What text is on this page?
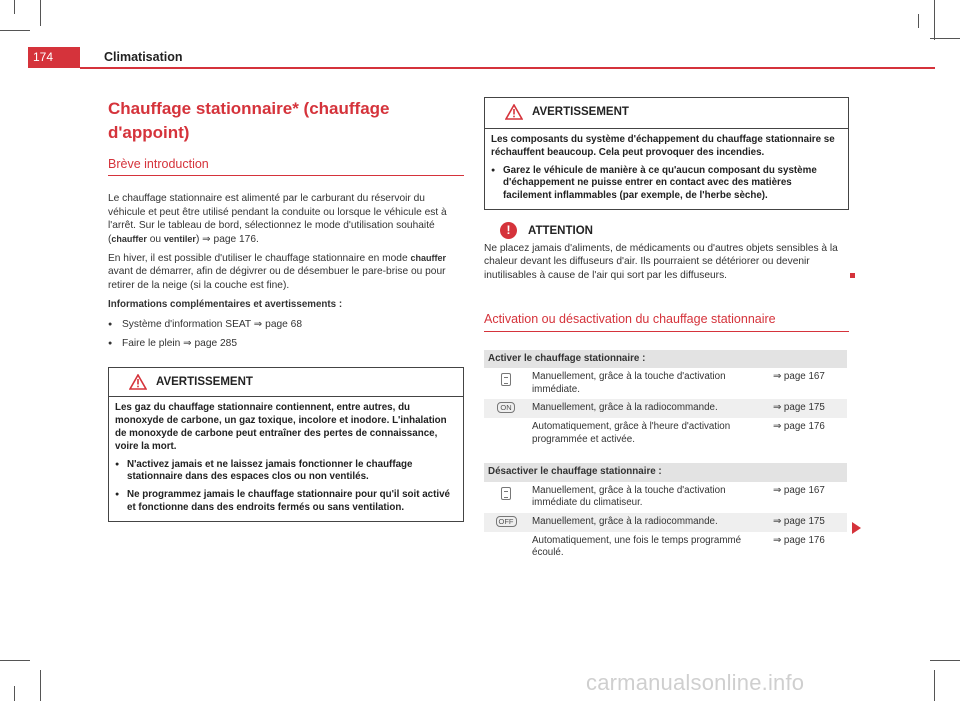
174	Climatisation
Chauffage stationnaire* (chauffage d'appoint)
Brève introduction

Le chauffage stationnaire est alimenté par le carburant du réservoir du véhicule et peut être utilisé pendant la conduite ou lorsque le véhicule est à l'arrêt. Sur le tableau de bord, sélectionnez le mode d'utilisation souhaité (chauffer ou ventiler) ⇒ page 176.

En hiver, il est possible d'utiliser le chauffage stationnaire en mode chauffer avant de démarrer, afin de dégivrer ou de désembuer le pare-brise ou pour retirer de la neige (si la couche est fine).

Informations complémentaires et avertissements :

● Système d'information SEAT ⇒ page 68
● Faire le plein ⇒ page 285
AVERTISSEMENT
Les gaz du chauffage stationnaire contiennent, entre autres, du monoxyde de carbone, un gaz toxique, incolore et inodore. L'inhalation de monoxyde de carbone peut entraîner des pertes de connaissance, voire la mort.
● N'activez jamais et ne laissez jamais fonctionner le chauffage stationnaire dans des espaces clos ou non ventilés.
● Ne programmez jamais le chauffage stationnaire pour qu'il soit activé et fonctionne dans des endroits fermés ou sans ventilation.
AVERTISSEMENT
Les composants du système d'échappement du chauffage stationnaire se réchauffent beaucoup. Cela peut provoquer des incendies.
● Garez le véhicule de manière à ce qu'aucun composant du système d'échappement ne puisse entrer en contact avec des matières facilement inflammables (par exemple, de l'herbe sèche).
!	ATTENTION

Ne placez jamais d'aliments, de médicaments ou d'autres objets sensibles à la chaleur devant les diffuseurs d'air. Ils pourraient se détériorer ou devenir inutilisables à cause de l'air qui sort par les diffuseurs.

Activation ou désactivation du chauffage stationnaire
Activer le chauffage stationnaire :		
	Manuellement, grâce à la touche d'activation immédiate.	⇒ page 167
ON	Manuellement, grâce à la radiocommande.	⇒ page 175
	Automatiquement, grâce à l'heure d'activation programmée et activée.	⇒ page 176
Désactiver le chauffage stationnaire :		
	Manuellement, grâce à la touche d'activation immédiate du climatiseur.	⇒ page 167
OFF	Manuellement, grâce à la radiocommande.	⇒ page 175
	Automatiquement, une fois le temps programmé écoulé.	⇒ page 176
carmanualsonline.info
